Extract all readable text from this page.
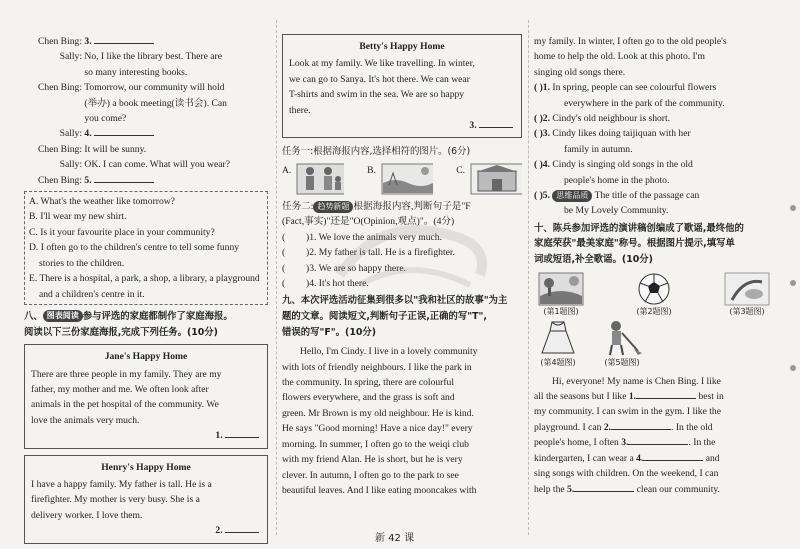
Chen Bing: 3.
Sally: No, I like the library best. There are
so many interesting books.
Chen Bing: Tomorrow, our community will hold
(举办) a book meeting(读书会). Can
you come?
Sally: 4.
Chen Bing: It will be sunny.
Sally: OK. I can come. What will you wear?
Chen Bing: 5.
A. What's the weather like tomorrow?
B. I'll wear my new shirt.
C. Is it your favourite place in your community?
D. I often go to the children's centre to tell some funny stories to the children.
E. There is a hospital, a park, a shop, a library, a playground and a children's centre in it.
八、 图表阅读 参与评选的家庭都制作了家庭海报。
阅读以下三份家庭海报,完成下列任务。(10分)
Jane's Happy Home
There are three people in my family. They are my
father, my mother and me. We often look after
animals in the pet hospital of the community. We
love the animals very much.
1.
Henry's Happy Home
I have a happy family. My father is tall. He is a
firefighter. My mother is very busy. She is a
delivery worker. I love them.
2.
Betty's Happy Home
Look at my family. We like travelling. In winter,
we can go to Sanya. It's hot there. We can wear
T-shirts and swim in the sea. We are so happy
there.
3.
任务一:根据海报内容,选择相符的图片。(6分)
A.	B.	C.
任务二: 趋势新题 根据海报内容,判断句子是"F
(Fact,事实)"还是"O(Opinion,观点)"。(4分)
( )1. We love the animals very much.
( )2. My father is tall. He is a firefighter.
( )3. We are so happy there.
( )4. It's hot there.
九、本次评选活动征集到很多以"我和社区的故事"为主
题的文章。阅读短文,判断句子正误,正确的写"T",
错误的写"F"。(10分)
Hello, I'm Cindy. I live in a lovely community
with lots of friendly neighbours. I like the park in
the community. In spring, there are colourful
flowers everywhere, and the grass is soft and
green. Mr Brown is my old neighbour. He is kind.
He says "Good morning! Have a nice day!" every
morning. In summer, I often go to the weiqi club
with my friend Alan. He is short, but he is very
clever. In autumn, I often go to the park to see
beautiful leaves. And I like eating mooncakes with
my family. In winter, I often go to the old people's
home to help the old. Look at this photo. I'm
singing old songs there.
( )1. In spring, people can see colourful flowers
everywhere in the park of the community.
( )2. Cindy's old neighbour is short.
( )3. Cindy likes doing taijiquan with her
family in autumn.
( )4. Cindy is singing old songs in the old
people's home in the photo.
( )5. 思维品质 The title of the passage can
be My Lovely Community.
十、陈兵参加评选的演讲稿创编成了歌谣,最终他的
家庭荣获"最美家庭"称号。根据图片提示,填写单
词或短语,补全歌谣。(10分)
(第1题图)	(第2题图)	(第3题图)
(第4题图)	(第5题图)
Hi, everyone! My name is Chen Bing. I like
all the seasons but I like 1.	best in
my community. I can swim in the gym. I like the
playground. I can 2.	. In the old
people's home, I often 3.	. In the
kindergarten, I can wear a 4.	and
sing songs with children. On the weekend, I can
help the 5.	clean our community.
新 42 课
